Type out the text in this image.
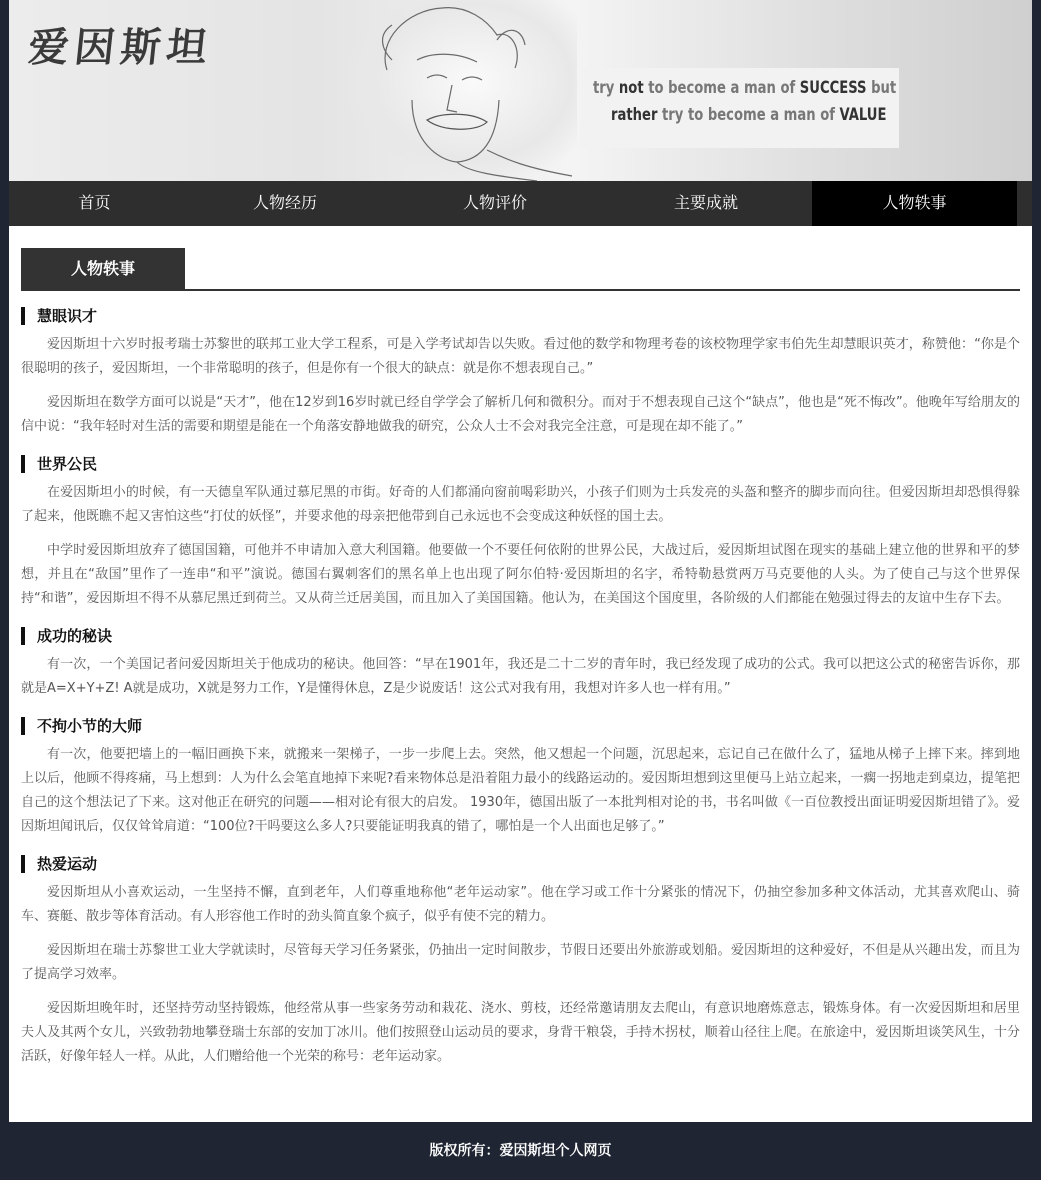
爱因斯坦
try not to become a man of SUCCESS but
rather try to become a man of VALUE
首页	人物经历	人物评价	主要成就	人物轶事
人物轶事
慧眼识才

爱因斯坦十六岁时报考瑞士苏黎世的联邦工业大学工程系，可是入学考试却告以失败。看过他的数学和物理考卷的该校物理学家韦伯先生却慧眼识英才，称赞他：“你是个很聪明的孩子，爱因斯坦，一个非常聪明的孩子，但是你有一个很大的缺点：就是你不想表现自己。”

爱因斯坦在数学方面可以说是“天才”，他在12岁到16岁时就已经自学学会了解析几何和微积分。而对于不想表现自己这个“缺点”，他也是“死不悔改”。他晚年写给朋友的信中说：“我年轻时对生活的需要和期望是能在一个角落安静地做我的研究，公众人士不会对我完全注意，可是现在却不能了。”

世界公民

在爱因斯坦小的时候，有一天德皇军队通过慕尼黑的市街。好奇的人们都涌向窗前喝彩助兴，小孩子们则为士兵发亮的头盔和整齐的脚步而向往。但爱因斯坦却恐惧得躲了起来，他既瞧不起又害怕这些“打仗的妖怪”，并要求他的母亲把他带到自己永远也不会变成这种妖怪的国土去。

中学时爱因斯坦放弃了德国国籍，可他并不申请加入意大利国籍。他要做一个不要任何依附的世界公民，大战过后，爱因斯坦试图在现实的基础上建立他的世界和平的梦想，并且在“敌国”里作了一连串“和平”演说。德国右翼刺客们的黑名单上也出现了阿尔伯特·爱因斯坦的名字，希特勒悬赏两万马克要他的人头。为了使自己与这个世界保持“和谐”，爱因斯坦不得不从慕尼黑迁到荷兰。又从荷兰迁居美国，而且加入了美国国籍。他认为，在美国这个国度里，各阶级的人们都能在勉强过得去的友谊中生存下去。

成功的秘诀

有一次，一个美国记者问爱因斯坦关于他成功的秘诀。他回答：“早在1901年，我还是二十二岁的青年时，我已经发现了成功的公式。我可以把这公式的秘密告诉你，那就是A=X+Y+Z! A就是成功，X就是努力工作，Y是懂得休息，Z是少说废话！这公式对我有用，我想对许多人也一样有用。”

不拘小节的大师

有一次，他要把墙上的一幅旧画换下来，就搬来一架梯子，一步一步爬上去。突然，他又想起一个问题，沉思起来，忘记自己在做什么了，猛地从梯子上摔下来。摔到地上以后，他顾不得疼痛，马上想到：人为什么会笔直地掉下来呢?看来物体总是沿着阻力最小的线路运动的。爱因斯坦想到这里便马上站立起来，一瘸一拐地走到桌边，提笔把自己的这个想法记了下来。这对他正在研究的问题——相对论有很大的启发。 1930年，德国出版了一本批判相对论的书，书名叫做《一百位教授出面证明爱因斯坦错了》。爱因斯坦闻讯后，仅仅耸耸肩道：“100位?干吗要这么多人?只要能证明我真的错了，哪怕是一个人出面也足够了。”

热爱运动

爱因斯坦从小喜欢运动，一生坚持不懈，直到老年，人们尊重地称他“老年运动家”。他在学习或工作十分紧张的情况下，仍抽空参加多种文体活动，尤其喜欢爬山、骑车、赛艇、散步等体育活动。有人形容他工作时的劲头简直象个疯子，似乎有使不完的精力。

爱因斯坦在瑞士苏黎世工业大学就读时，尽管每天学习任务紧张，仍抽出一定时间散步，节假日还要出外旅游或划船。爱因斯坦的这种爱好，不但是从兴趣出发，而且为了提高学习效率。

爱因斯坦晚年时，还坚持劳动坚持锻炼，他经常从事一些家务劳动和栽花、浇水、剪枝，还经常邀请朋友去爬山，有意识地磨炼意志，锻炼身体。有一次爱因斯坦和居里夫人及其两个女儿，兴致勃勃地攀登瑞士东部的安加丁冰川。他们按照登山运动员的要求，身背干粮袋，手持木拐杖，顺着山径往上爬。在旅途中，爱因斯坦谈笑风生，十分活跃，好像年轻人一样。从此，人们赠给他一个光荣的称号：老年运动家。

版权所有：爱因斯坦个人网页
